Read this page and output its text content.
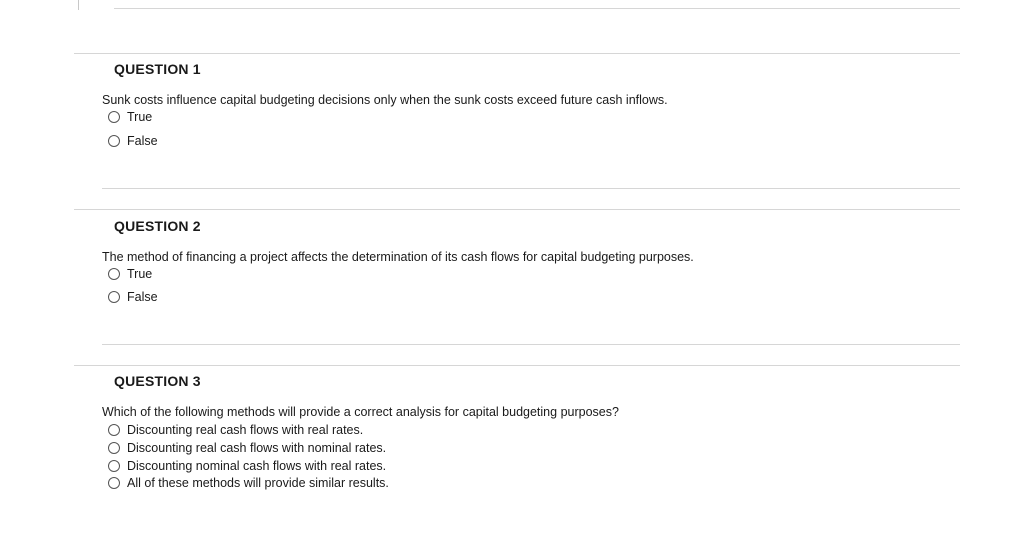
QUESTION 1
Sunk costs influence capital budgeting decisions only when the sunk costs exceed future cash inflows.
True
False
QUESTION 2
The method of financing a project affects the determination of its cash flows for capital budgeting purposes.
True
False
QUESTION 3
Which of the following methods will provide a correct analysis for capital budgeting purposes?
Discounting real cash flows with real rates.
Discounting real cash flows with nominal rates.
Discounting nominal cash flows with real rates.
All of these methods will provide similar results.
